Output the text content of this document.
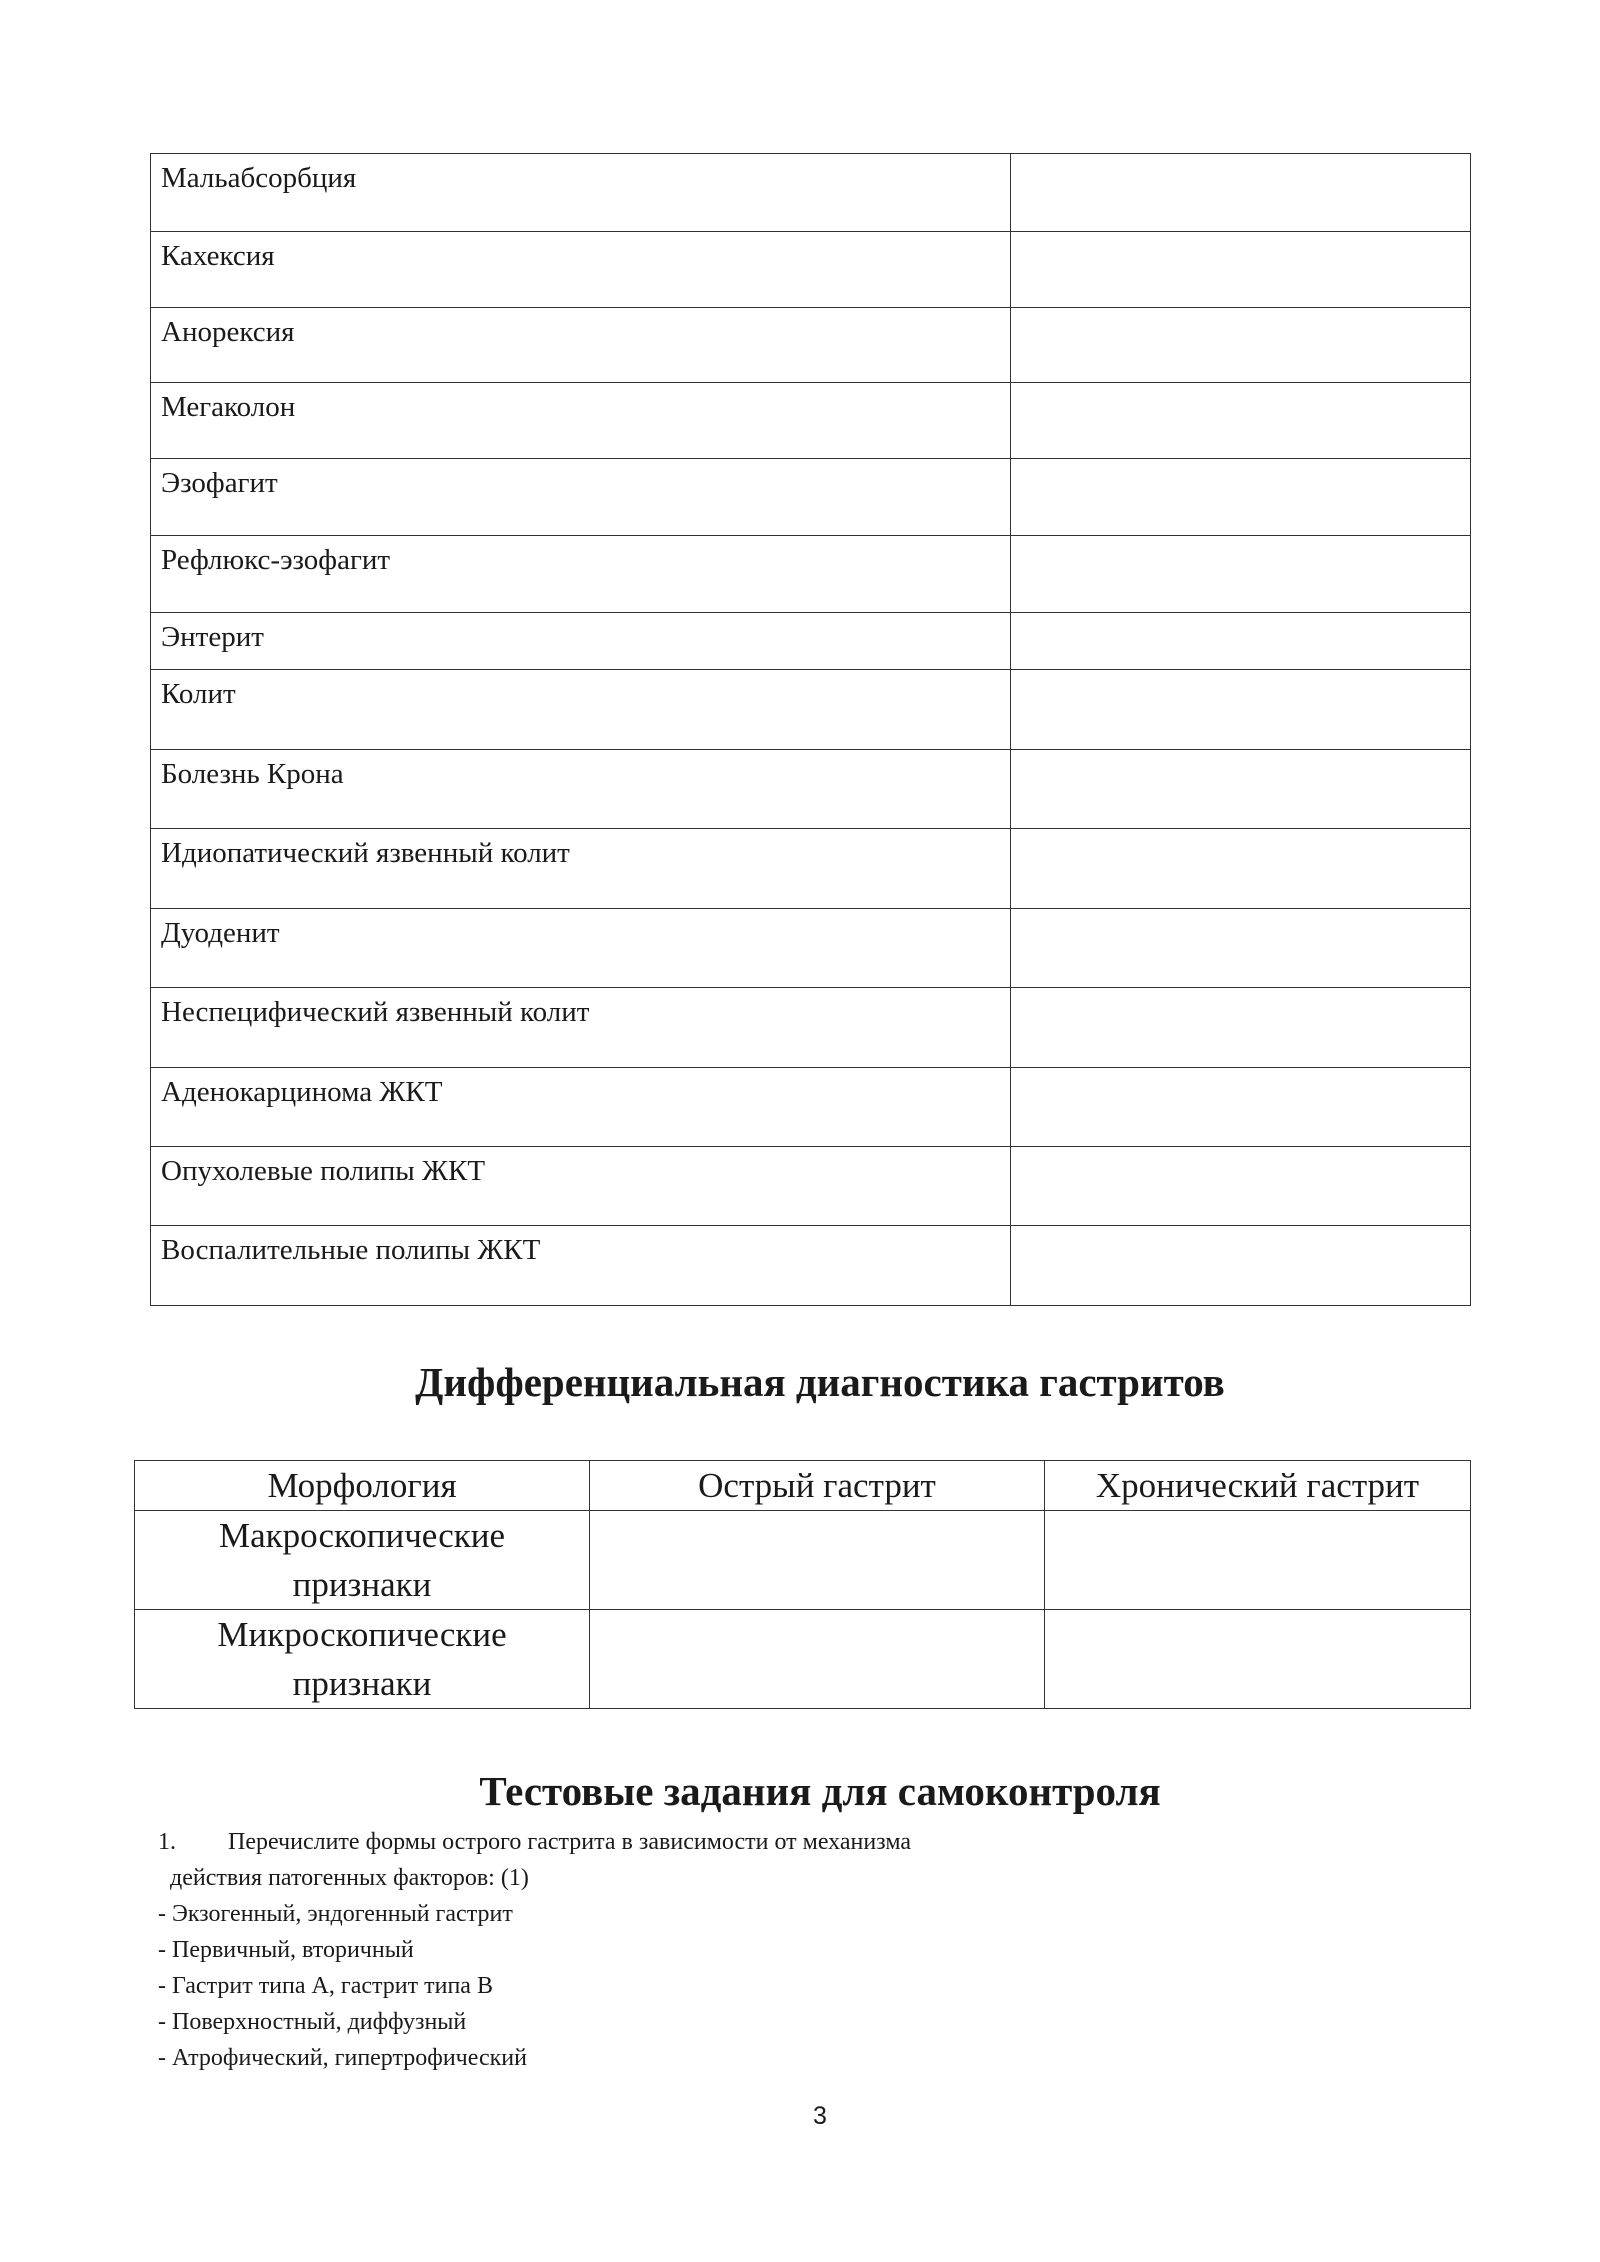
Мальабсорбция	
Кахексия	
Анорексия	
Мегаколон	
Эзофагит	
Рефлюкс-эзофагит	
Энтерит	
Колит	
Болезнь Крона	
Идиопатический язвенный колит	
Дуоденит	
Неспецифический язвенный колит	
Аденокарцинома ЖКТ	
Опухолевые полипы ЖКТ	
Воспалительные полипы ЖКТ	
Дифференциальная диагностика гастритов
Морфология	Острый гастрит	Хронический гастрит
Макроскопические
признаки		
Микроскопические
признаки		
Тестовые задания для самоконтроля
1. Перечислите формы острого гастрита в зависимости от механизма
действия патогенных факторов: (1)
- Экзогенный, эндогенный гастрит
- Первичный, вторичный
- Гастрит типа А, гастрит типа В
- Поверхностный, диффузный
- Атрофический, гипертрофический
3
